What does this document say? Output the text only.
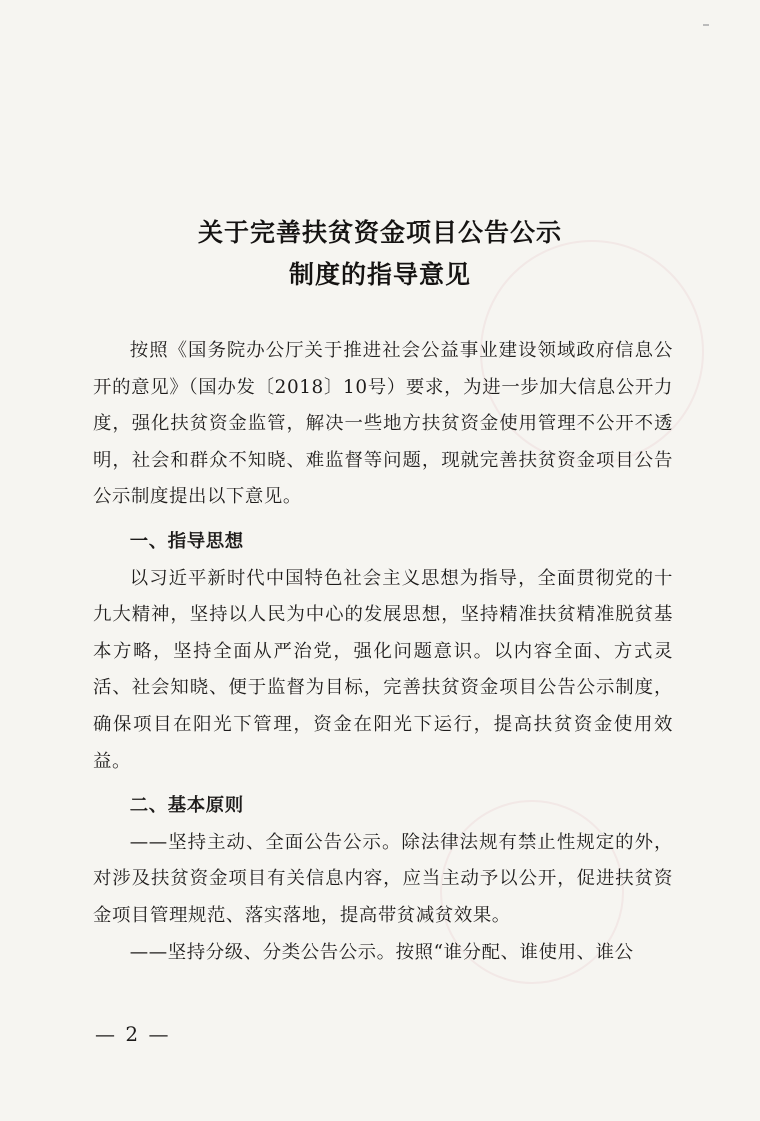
关于完善扶贫资金项目公告公示
制度的指导意见

按照《国务院办公厅关于推进社会公益事业建设领域政府信息公开的意见》（国办发〔2018〕10号）要求，为进一步加大信息公开力度，强化扶贫资金监管，解决一些地方扶贫资金使用管理不公开不透明，社会和群众不知晓、难监督等问题，现就完善扶贫资金项目公告公示制度提出以下意见。

一、指导思想

以习近平新时代中国特色社会主义思想为指导，全面贯彻党的十九大精神，坚持以人民为中心的发展思想，坚持精准扶贫精准脱贫基本方略，坚持全面从严治党，强化问题意识。以内容全面、方式灵活、社会知晓、便于监督为目标，完善扶贫资金项目公告公示制度，确保项目在阳光下管理，资金在阳光下运行，提高扶贫资金使用效益。

二、基本原则

——坚持主动、全面公告公示。除法律法规有禁止性规定的外，对涉及扶贫资金项目有关信息内容，应当主动予以公开，促进扶贫资金项目管理规范、落实落地，提高带贫减贫效果。

——坚持分级、分类公告公示。按照“谁分配、谁使用、谁公

— 2 —
